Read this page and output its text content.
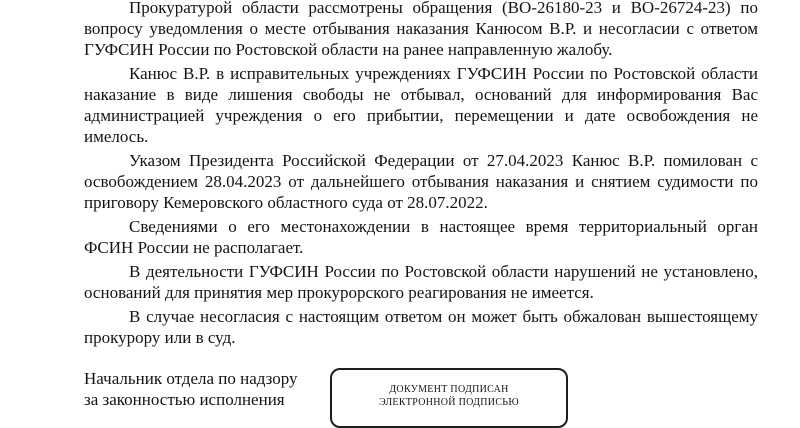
Прокуратурой области рассмотрены обращения (ВО-26180-23 и ВО-26724-23) по вопросу уведомления о месте отбывания наказания Канюсом В.Р. и несогласии с ответом ГУФСИН России по Ростовской области на ранее направленную жалобу.

Канюс В.Р. в исправительных учреждениях ГУФСИН России по Ростовской области наказание в виде лишения свободы не отбывал, оснований для информирования Вас администрацией учреждения о его прибытии, перемещении и дате освобождения не имелось.

Указом Президента Российской Федерации от 27.04.2023 Канюс В.Р. помилован с освобождением 28.04.2023 от дальнейшего отбывания наказания и снятием судимости по приговору Кемеровского областного суда от 28.07.2022.

Сведениями о его местонахождении в настоящее время территориальный орган ФСИН России не располагает.

В деятельности ГУФСИН России по Ростовской области нарушений не установлено, оснований для принятия мер прокурорского реагирования не имеется.

В случае несогласия с настоящим ответом он может быть обжалован вышестоящему прокурору или в суд.

Начальник отдела по надзору
за законностью исполнения
ДОКУМЕНТ ПОДПИСАН
ЭЛЕКТРОННОЙ ПОДПИСЬЮ
